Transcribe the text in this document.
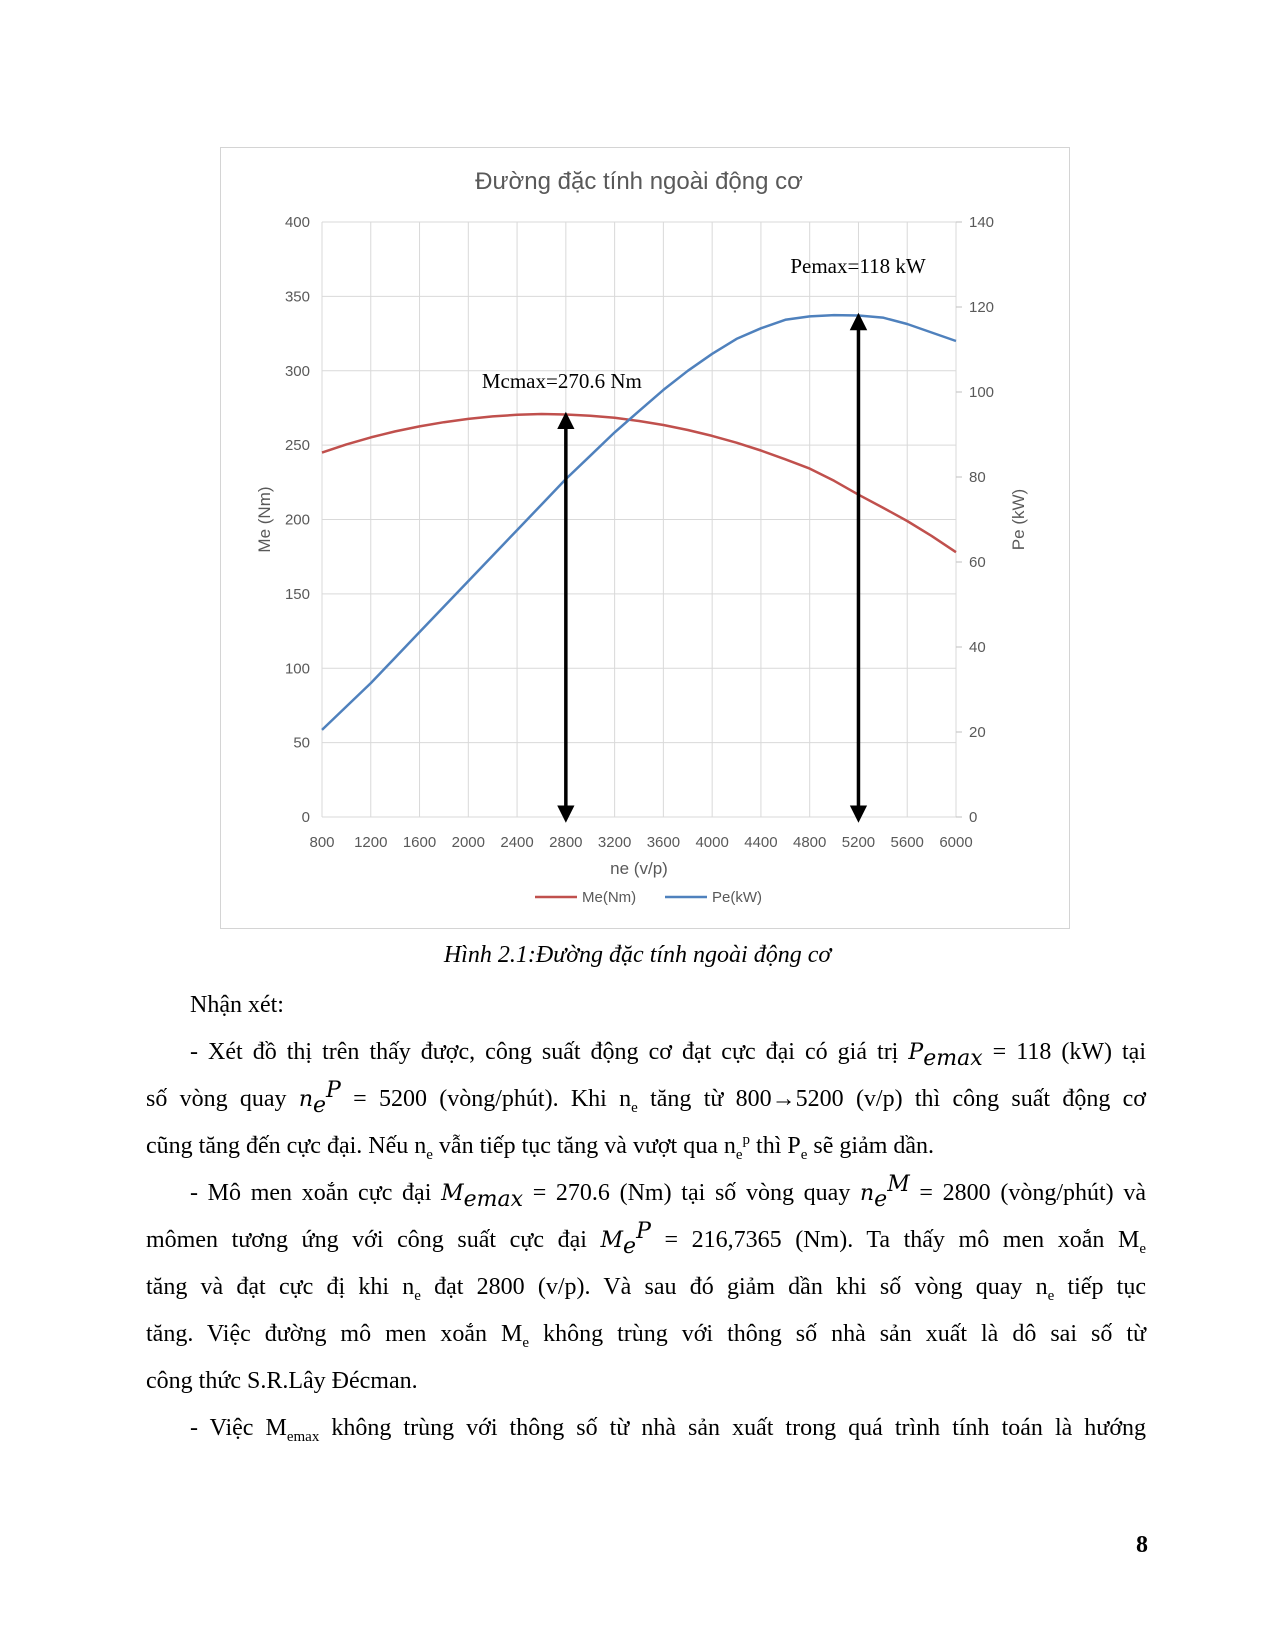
Đường đặc tính ngoài động cơ
800 1200 1600 2000 2400 2800 3200 3600 4000 4400 4800 5200 5600 6000
0
50
100
150
200
250
300
350
400
0
20
40
60
80
100
120
140
ne (v/p)
Me (Nm)	Pe (kW)
Mcmax=270.6 Nm
Pemax=118 kW
Me(Nm)	Pe(kW)
Hình 2.1:Đường đặc tính ngoài động cơ
Nhận xét:
- Xét đồ thị trên thấy được, công suất động cơ đạt cực đại có giá trị $P_{emax} = 118$ (kW) tại
số vòng quay $n_e^P = 5200$ (vòng/phút). Khi $n_e$ tăng từ 800→5200 (v/p) thì công suất động cơ
cũng tăng đến cực đại. Nếu $n_e$ vẫn tiếp tục tăng và vượt qua $n_e^p$ thì $P_e$ sẽ giảm dần.
- Mô men xoắn cực đại $M_{emax} = 270.6$ (Nm) tại số vòng quay $n_e^M = 2800$ (vòng/phút) và
mômen tương ứng với công suất cực đại $M_e^P = 216,7365$ (Nm). Ta thấy mô men xoắn $M_e$
tăng và đạt cực đị khi $n_e$ đạt 2800 (v/p). Và sau đó giảm dần khi số vòng quay $n_e$ tiếp tục
tăng. Việc đường mô men xoắn $M_e$ không trùng với thông số nhà sản xuất là dô sai số từ
công thức S.R.Lây Đécman.
- Việc $M_{emax}$ không trùng với thông số từ nhà sản xuất trong quá trình tính toán là hướng
8
